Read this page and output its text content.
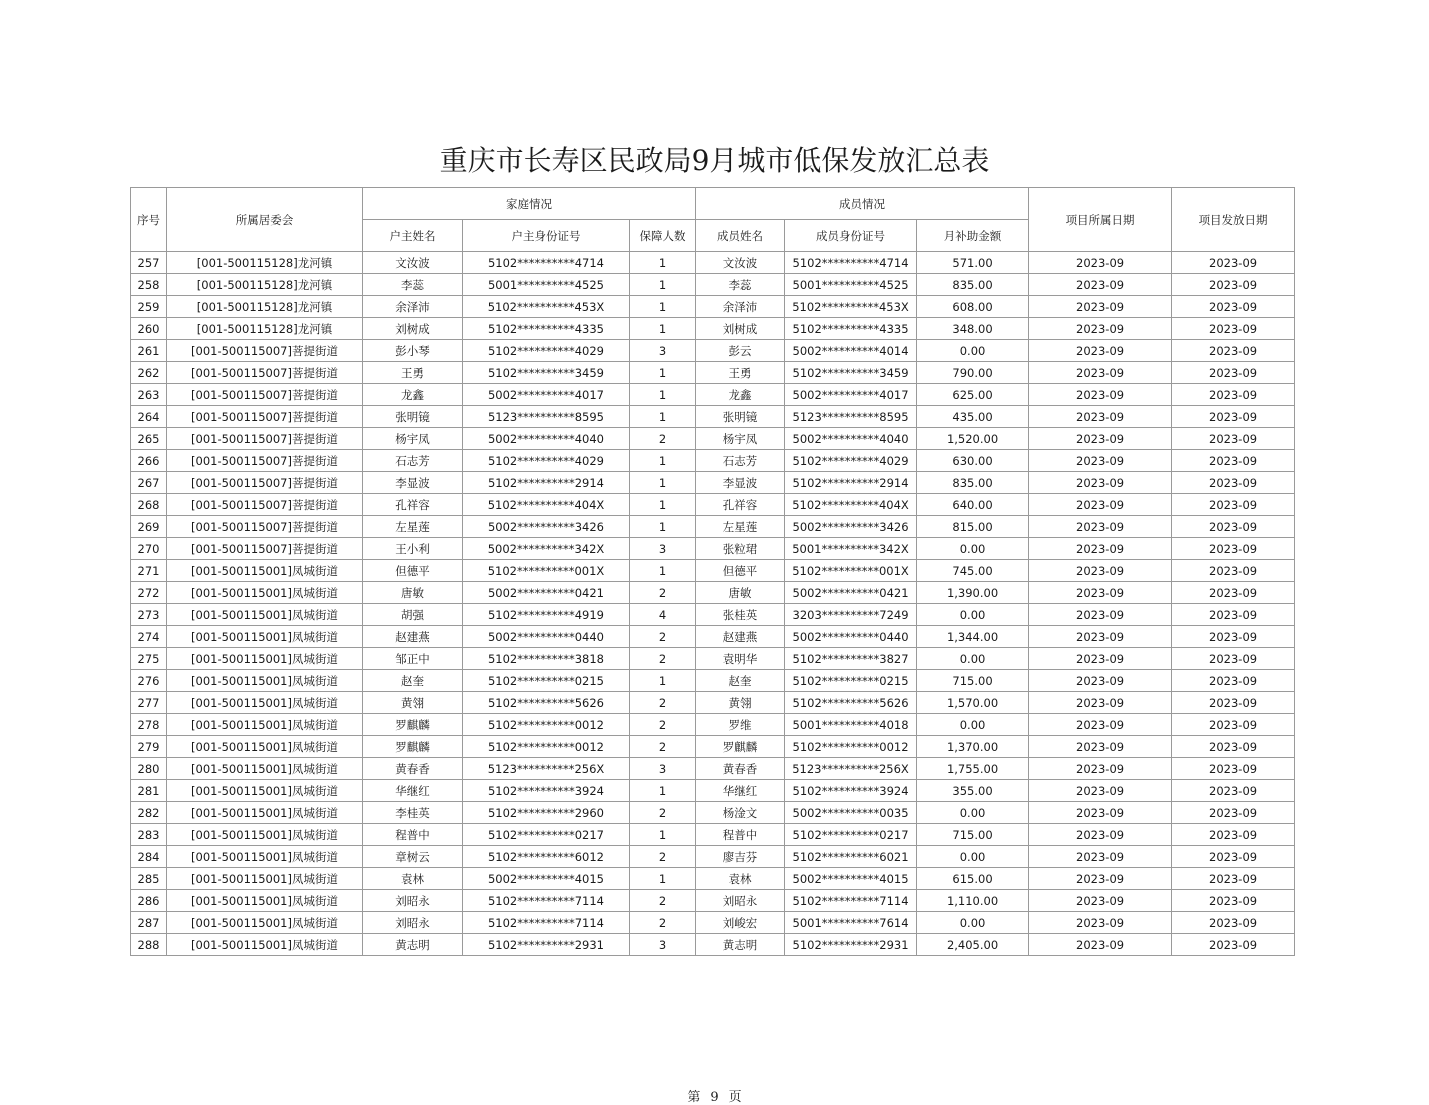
重庆市长寿区民政局9月城市低保发放汇总表
序号	所属居委会	家庭情况			成员情况			项目所属日期	项目发放日期
		户主姓名	户主身份证号	保障人数	成员姓名	成员身份证号	月补助金额		
257	[001-500115128]龙河镇	文汝波	5102**********4714	1	文汝波	5102**********4714	571.00	2023-09	2023-09
258	[001-500115128]龙河镇	李蕊	5001**********4525	1	李蕊	5001**********4525	835.00	2023-09	2023-09
259	[001-500115128]龙河镇	余泽沛	5102**********453X	1	余泽沛	5102**********453X	608.00	2023-09	2023-09
260	[001-500115128]龙河镇	刘树成	5102**********4335	1	刘树成	5102**********4335	348.00	2023-09	2023-09
261	[001-500115007]菩提街道	彭小琴	5102**********4029	3	彭云	5002**********4014	0.00	2023-09	2023-09
262	[001-500115007]菩提街道	王勇	5102**********3459	1	王勇	5102**********3459	790.00	2023-09	2023-09
263	[001-500115007]菩提街道	龙鑫	5002**********4017	1	龙鑫	5002**********4017	625.00	2023-09	2023-09
264	[001-500115007]菩提街道	张明镜	5123**********8595	1	张明镜	5123**********8595	435.00	2023-09	2023-09
265	[001-500115007]菩提街道	杨宇凤	5002**********4040	2	杨宇凤	5002**********4040	1,520.00	2023-09	2023-09
266	[001-500115007]菩提街道	石志芳	5102**********4029	1	石志芳	5102**********4029	630.00	2023-09	2023-09
267	[001-500115007]菩提街道	李显波	5102**********2914	1	李显波	5102**********2914	835.00	2023-09	2023-09
268	[001-500115007]菩提街道	孔祥容	5102**********404X	1	孔祥容	5102**********404X	640.00	2023-09	2023-09
269	[001-500115007]菩提街道	左星莲	5002**********3426	1	左星莲	5002**********3426	815.00	2023-09	2023-09
270	[001-500115007]菩提街道	王小利	5002**********342X	3	张粒珺	5001**********342X	0.00	2023-09	2023-09
271	[001-500115001]凤城街道	但德平	5102**********001X	1	但德平	5102**********001X	745.00	2023-09	2023-09
272	[001-500115001]凤城街道	唐敏	5002**********0421	2	唐敏	5002**********0421	1,390.00	2023-09	2023-09
273	[001-500115001]凤城街道	胡强	5102**********4919	4	张桂英	3203**********7249	0.00	2023-09	2023-09
274	[001-500115001]凤城街道	赵建燕	5002**********0440	2	赵建燕	5002**********0440	1,344.00	2023-09	2023-09
275	[001-500115001]凤城街道	邹正中	5102**********3818	2	袁明华	5102**********3827	0.00	2023-09	2023-09
276	[001-500115001]凤城街道	赵奎	5102**********0215	1	赵奎	5102**********0215	715.00	2023-09	2023-09
277	[001-500115001]凤城街道	黄翎	5102**********5626	2	黄翎	5102**********5626	1,570.00	2023-09	2023-09
278	[001-500115001]凤城街道	罗麒麟	5102**********0012	2	罗维	5001**********4018	0.00	2023-09	2023-09
279	[001-500115001]凤城街道	罗麒麟	5102**********0012	2	罗麒麟	5102**********0012	1,370.00	2023-09	2023-09
280	[001-500115001]凤城街道	黄春香	5123**********256X	3	黄春香	5123**********256X	1,755.00	2023-09	2023-09
281	[001-500115001]凤城街道	华继红	5102**********3924	1	华继红	5102**********3924	355.00	2023-09	2023-09
282	[001-500115001]凤城街道	李桂英	5102**********2960	2	杨淦文	5002**********0035	0.00	2023-09	2023-09
283	[001-500115001]凤城街道	程普中	5102**********0217	1	程普中	5102**********0217	715.00	2023-09	2023-09
284	[001-500115001]凤城街道	章树云	5102**********6012	2	廖吉芬	5102**********6021	0.00	2023-09	2023-09
285	[001-500115001]凤城街道	袁林	5002**********4015	1	袁林	5002**********4015	615.00	2023-09	2023-09
286	[001-500115001]凤城街道	刘昭永	5102**********7114	2	刘昭永	5102**********7114	1,110.00	2023-09	2023-09
287	[001-500115001]凤城街道	刘昭永	5102**********7114	2	刘峻宏	5001**********7614	0.00	2023-09	2023-09
288	[001-500115001]凤城街道	黄志明	5102**********2931	3	黄志明	5102**********2931	2,405.00	2023-09	2023-09
第 9 页
